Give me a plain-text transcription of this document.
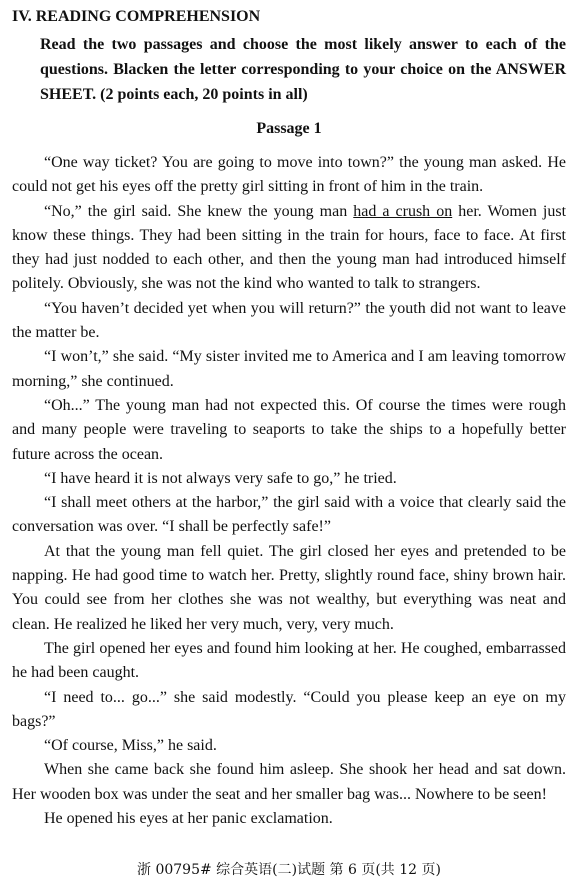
IV. READING COMPREHENSION
Read the two passages and choose the most likely answer to each of the questions. Blacken the letter corresponding to your choice on the ANSWER SHEET. (2 points each, 20 points in all)
Passage 1

“One way ticket? You are going to move into town?” the young man asked. He could not get his eyes off the pretty girl sitting in front of him in the train.

“No,” the girl said. She knew the young man had a crush on her. Women just know these things. They had been sitting in the train for hours, face to face. At first they had just nodded to each other, and then the young man had introduced himself politely. Obviously, she was not the kind who wanted to talk to strangers.

“You haven’t decided yet when you will return?” the youth did not want to leave the matter be.

“I won’t,” she said. “My sister invited me to America and I am leaving tomorrow morning,” she continued.

“Oh...” The young man had not expected this. Of course the times were rough and many people were traveling to seaports to take the ships to a hopefully better future across the ocean.

“I have heard it is not always very safe to go,” he tried.

“I shall meet others at the harbor,” the girl said with a voice that clearly said the conversation was over. “I shall be perfectly safe!”

At that the young man fell quiet. The girl closed her eyes and pretended to be napping. He had good time to watch her. Pretty, slightly round face, shiny brown hair. You could see from her clothes she was not wealthy, but everything was neat and clean. He realized he liked her very much, very, very much.

The girl opened her eyes and found him looking at her. He coughed, embarrassed he had been caught.

“I need to... go...” she said modestly. “Could you please keep an eye on my bags?”

“Of course, Miss,” he said.

When she came back she found him asleep. She shook her head and sat down. Her wooden box was under the seat and her smaller bag was... Nowhere to be seen!

He opened his eyes at her panic exclamation.

浙 00795# 综合英语(二)试题 第 6 页(共 12 页)
